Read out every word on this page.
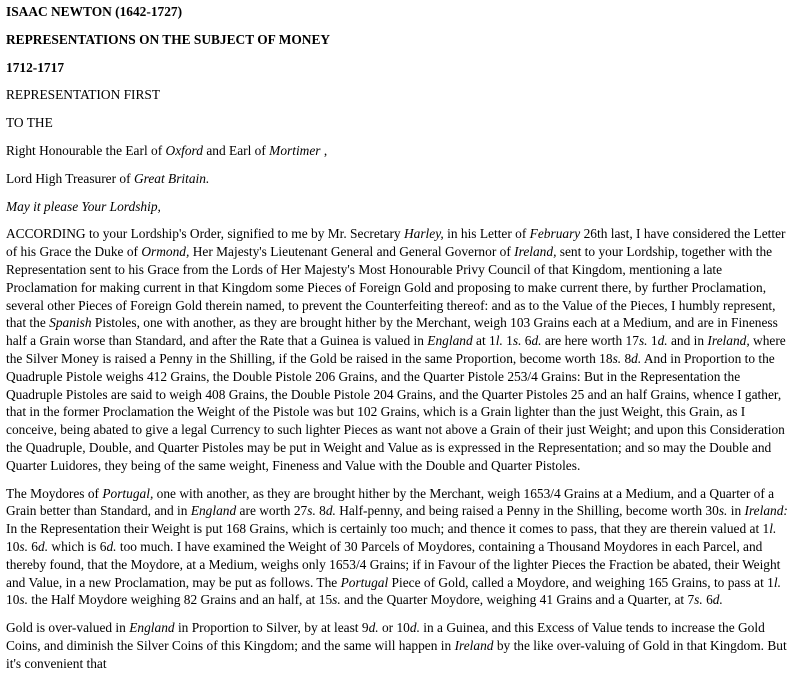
ISAAC NEWTON (1642-1727)

REPRESENTATIONS ON THE SUBJECT OF MONEY

1712-1717

REPRESENTATION FIRST

TO THE

Right Honourable the Earl of Oxford and Earl of Mortimer ,

Lord High Treasurer of Great Britain.

May it please Your Lordship,

ACCORDING to your Lordship's Order, signified to me by Mr. Secretary Harley, in his Letter of February 26th last, I have considered the Letter of his Grace the Duke of Ormond, Her Majesty's Lieutenant General and General Governor of Ireland, sent to your Lordship, together with the Representation sent to his Grace from the Lords of Her Majesty's Most Honourable Privy Council of that Kingdom, mentioning a late Proclamation for making current in that Kingdom some Pieces of Foreign Gold and proposing to make current there, by further Proclamation, several other Pieces of Foreign Gold therein named, to prevent the Counterfeiting thereof: and as to the Value of the Pieces, I humbly represent, that the Spanish Pistoles, one with another, as they are brought hither by the Merchant, weigh 103 Grains each at a Medium, and are in Fineness half a Grain worse than Standard, and after the Rate that a Guinea is valued in England at 1l. 1s. 6d. are here worth 17s. 1d. and in Ireland, where the Silver Money is raised a Penny in the Shilling, if the Gold be raised in the same Proportion, become worth 18s. 8d. And in Proportion to the Quadruple Pistole weighs 412 Grains, the Double Pistole 206 Grains, and the Quarter Pistole 253/4 Grains: But in the Representation the Quadruple Pistoles are said to weigh 408 Grains, the Double Pistole 204 Grains, and the Quarter Pistoles 25 and an half Grains, whence I gather, that in the former Proclamation the Weight of the Pistole was but 102 Grains, which is a Grain lighter than the just Weight, this Grain, as I conceive, being abated to give a legal Currency to such lighter Pieces as want not above a Grain of their just Weight; and upon this Consideration the Quadruple, Double, and Quarter Pistoles may be put in Weight and Value as is expressed in the Representation; and so may the Double and Quarter Luidores, they being of the same weight, Fineness and Value with the Double and Quarter Pistoles.

The Moydores of Portugal, one with another, as they are brought hither by the Merchant, weigh 1653/4 Grains at a Medium, and a Quarter of a Grain better than Standard, and in England are worth 27s. 8d. Half-penny, and being raised a Penny in the Shilling, become worth 30s. in Ireland: In the Representation their Weight is put 168 Grains, which is certainly too much; and thence it comes to pass, that they are therein valued at 1l. 10s. 6d. which is 6d. too much. I have examined the Weight of 30 Parcels of Moydores, containing a Thousand Moydores in each Parcel, and thereby found, that the Moydore, at a Medium, weighs only 1653/4 Grains; if in Favour of the lighter Pieces the Fraction be abated, their Weight and Value, in a new Proclamation, may be put as follows. The Portugal Piece of Gold, called a Moydore, and weighing 165 Grains, to pass at 1l. 10s. the Half Moydore weighing 82 Grains and an half, at 15s. and the Quarter Moydore, weighing 41 Grains and a Quarter, at 7s. 6d.

Gold is over-valued in England in Proportion to Silver, by at least 9d. or 10d. in a Guinea, and this Excess of Value tends to increase the Gold Coins, and diminish the Silver Coins of this Kingdom; and the same will happen in Ireland by the like over-valuing of Gold in that Kingdom. But it's convenient that
